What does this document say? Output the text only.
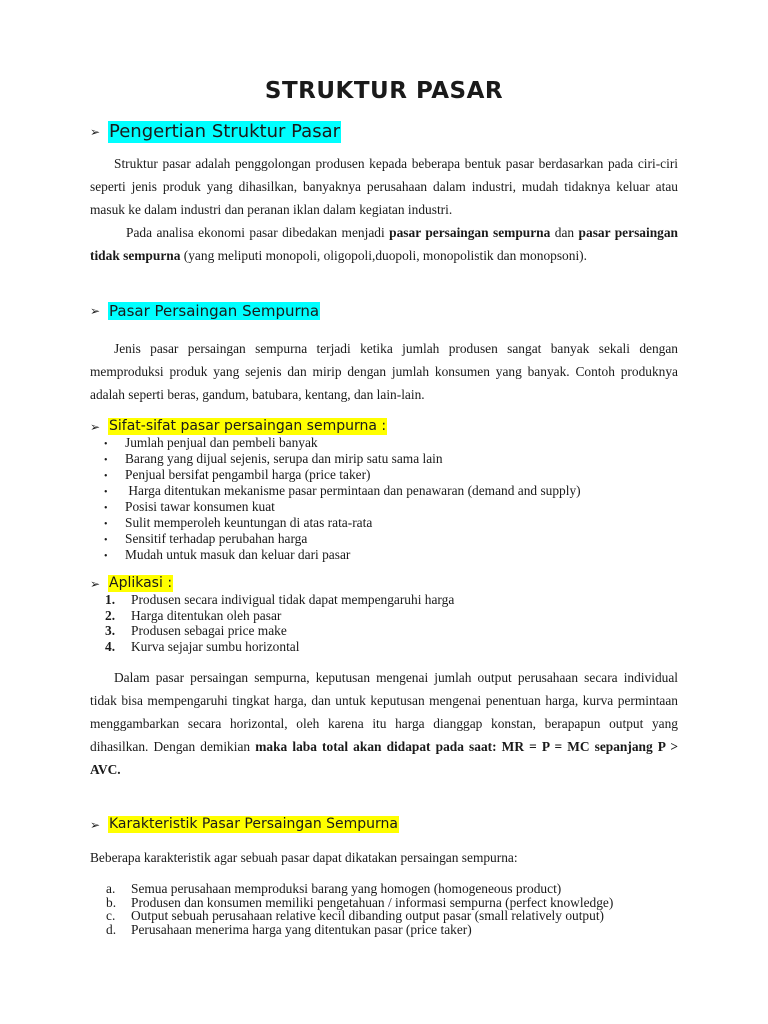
STRUKTUR PASAR
➢ Pengertian Struktur Pasar

Struktur pasar adalah penggolongan produsen kepada beberapa bentuk pasar berdasarkan pada ciri-ciri seperti jenis produk yang dihasilkan, banyaknya perusahaan dalam industri, mudah tidaknya keluar atau masuk ke dalam industri dan peranan iklan dalam kegiatan industri.

Pada analisa ekonomi pasar dibedakan menjadi pasar persaingan sempurna dan pasar persaingan tidak sempurna (yang meliputi monopoli, oligopoli,duopoli, monopolistik dan monopsoni).

➢ Pasar Persaingan Sempurna

Jenis pasar persaingan sempurna terjadi ketika jumlah produsen sangat banyak sekali dengan memproduksi produk yang sejenis dan mirip dengan jumlah konsumen yang banyak. Contoh produknya adalah seperti beras, gandum, batubara, kentang, dan lain-lain.

➢ Sifat-sifat pasar persaingan sempurna :
• Jumlah penjual dan pembeli banyak
• Barang yang dijual sejenis, serupa dan mirip satu sama lain
• Penjual bersifat pengambil harga (price taker)
• Harga ditentukan mekanisme pasar permintaan dan penawaran (demand and supply)
• Posisi tawar konsumen kuat
• Sulit memperoleh keuntungan di atas rata-rata
• Sensitif terhadap perubahan harga
• Mudah untuk masuk dan keluar dari pasar
➢ Aplikasi :
1. Produsen secara indivigual tidak dapat mempengaruhi harga
2. Harga ditentukan oleh pasar
3. Produsen sebagai price make
4. Kurva sejajar sumbu horizontal

Dalam pasar persaingan sempurna, keputusan mengenai jumlah output perusahaan secara individual tidak bisa mempengaruhi tingkat harga, dan untuk keputusan mengenai penentuan harga, kurva permintaan menggambarkan secara horizontal, oleh karena itu harga dianggap konstan, berapapun output yang dihasilkan. Dengan demikian maka laba total akan didapat pada saat: MR = P = MC sepanjang P > AVC.

➢ Karakteristik Pasar Persaingan Sempurna
Beberapa karakteristik agar sebuah pasar dapat dikatakan persaingan sempurna:
a. Semua perusahaan memproduksi barang yang homogen (homogeneous product)
b. Produsen dan konsumen memiliki pengetahuan / informasi sempurna (perfect knowledge)
c. Output sebuah perusahaan relative kecil dibanding output pasar (small relatively output)
d. Perusahaan menerima harga yang ditentukan pasar (price taker)
